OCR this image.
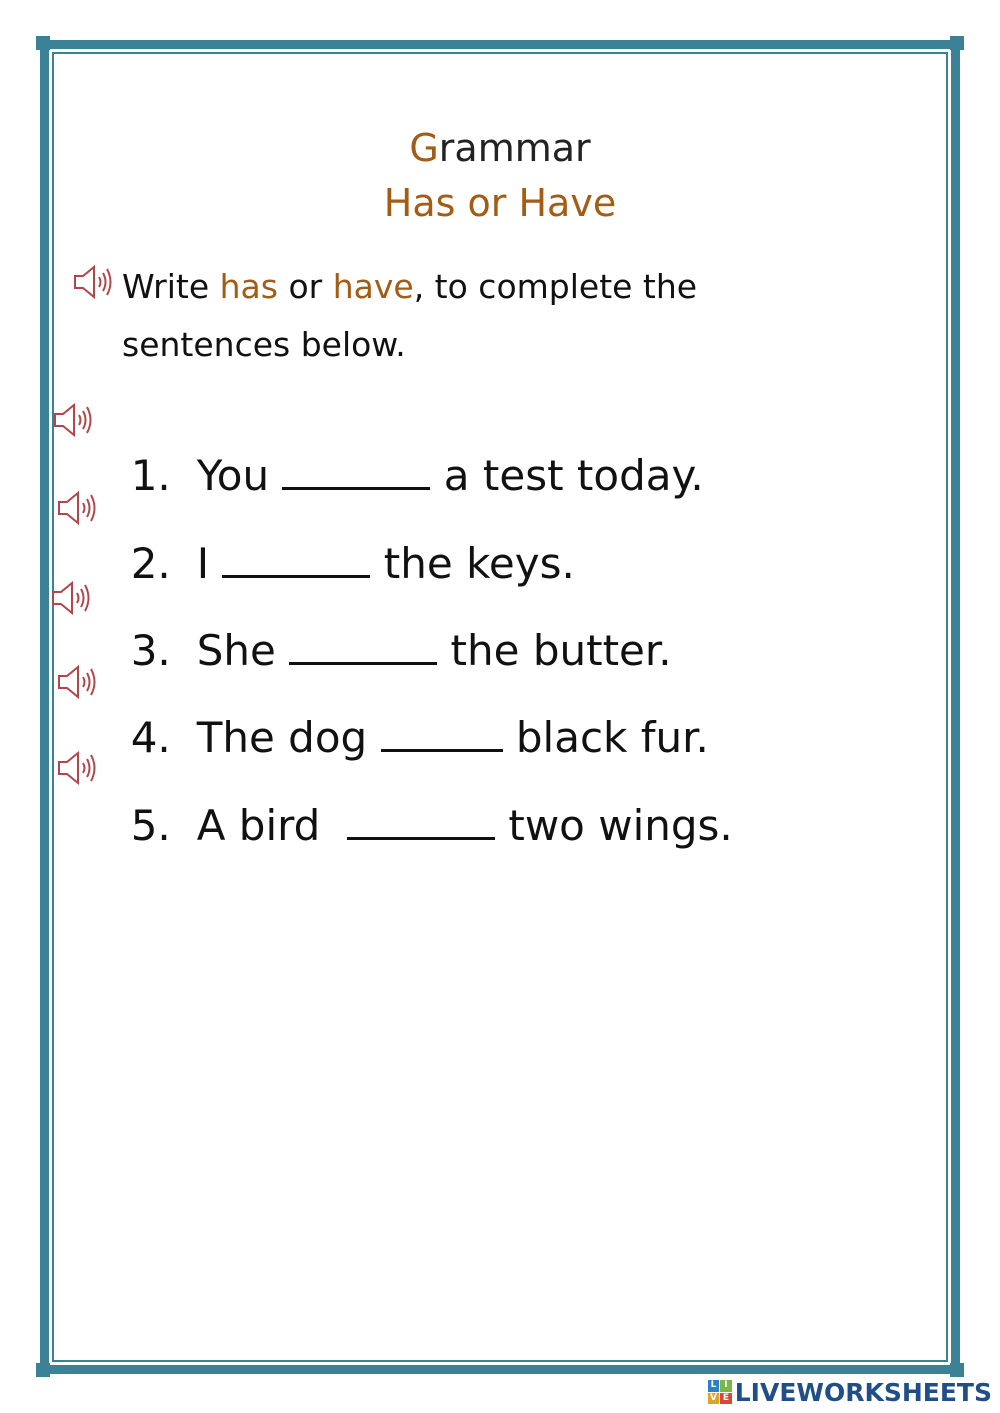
Grammar
Has or Have
Write has or have, to complete the
sentences below.

1. You	a test today.

2. I	the keys.

3. She	the butter.

4. The dog	black fur.

5. A bird	two wings.

L I
V E LIVEWORKSHEETS
